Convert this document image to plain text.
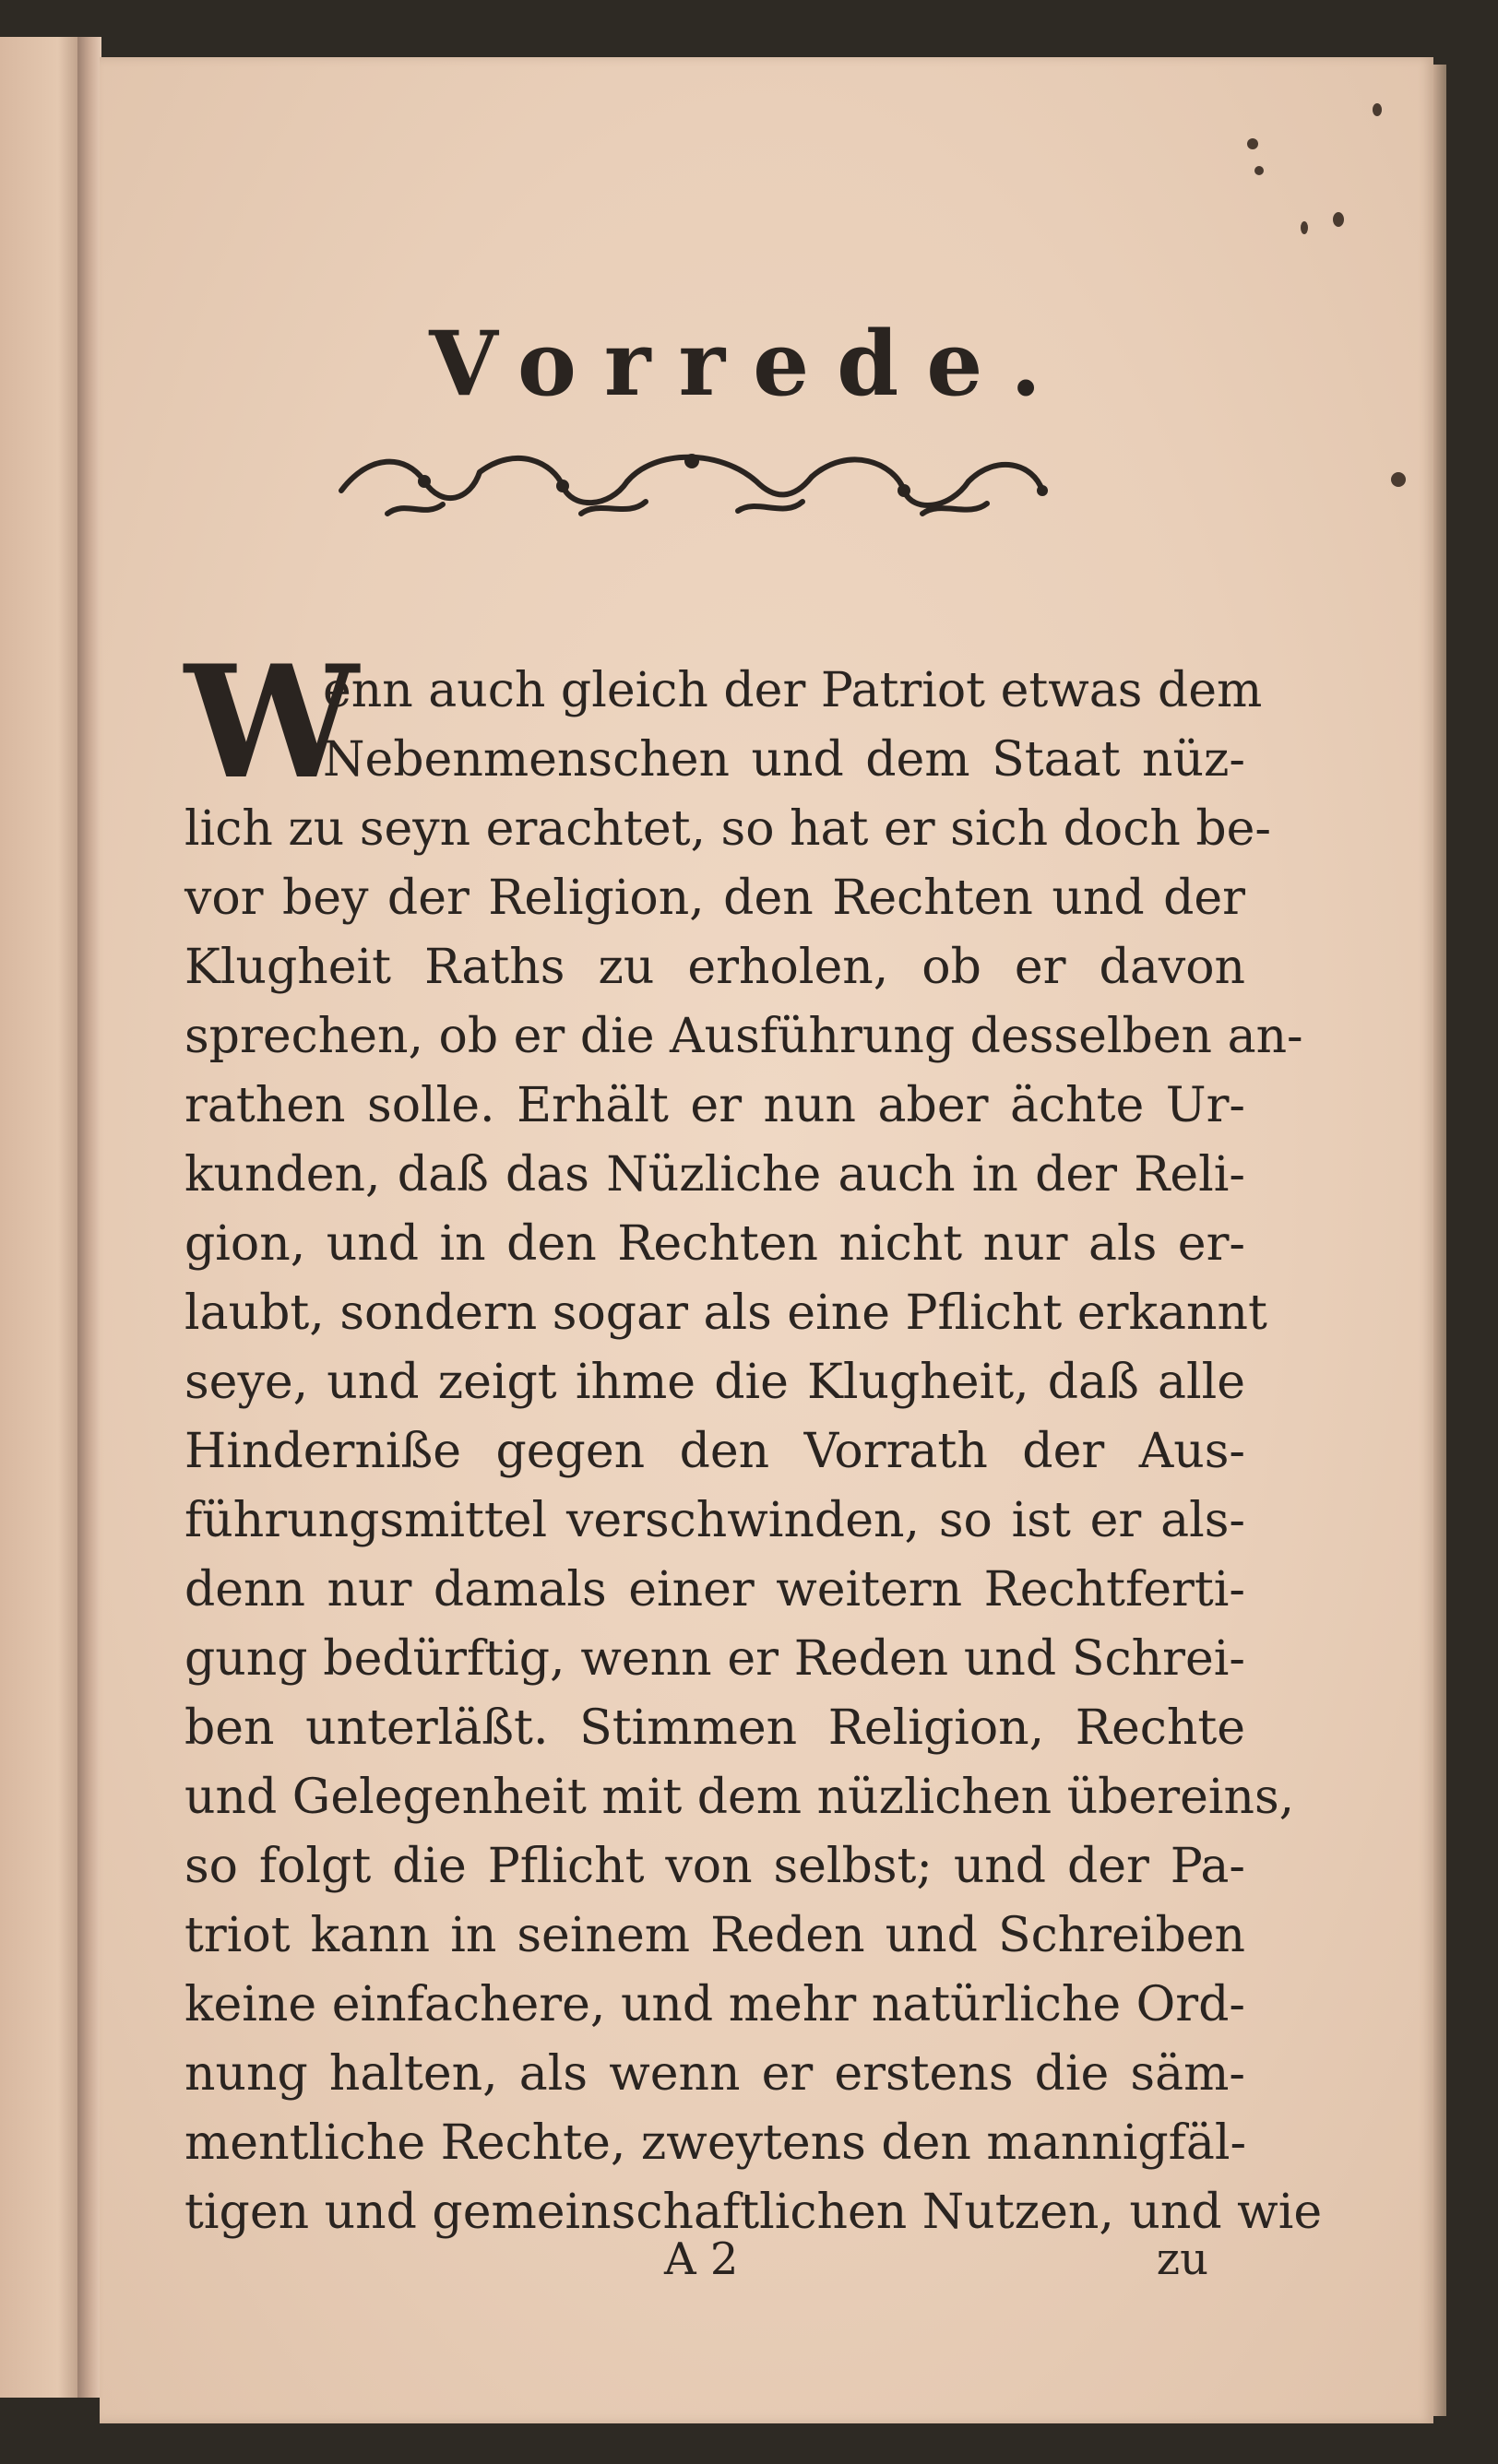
Vorrede.
W
enn auch gleich der Patriot etwas dem
Nebenmenschen und dem Staat nüz-
lich zu seyn erachtet, so hat er sich doch be-
vor bey der Religion, den Rechten und der
Klugheit Raths zu erholen, ob er davon
sprechen, ob er die Ausführung desselben an-
rathen solle. Erhält er nun aber ächte Ur-
kunden, daß das Nüzliche auch in der Reli-
gion, und in den Rechten nicht nur als er-
laubt, sondern sogar als eine Pflicht erkannt
seye, und zeigt ihme die Klugheit, daß alle
Hinderniße gegen den Vorrath der Aus-
führungsmittel verschwinden, so ist er als-
denn nur damals einer weitern Rechtferti-
gung bedürftig, wenn er Reden und Schrei-
ben unterläßt. Stimmen Religion, Rechte
und Gelegenheit mit dem nüzlichen übereins,
so folgt die Pflicht von selbst; und der Pa-
triot kann in seinem Reden und Schreiben
keine einfachere, und mehr natürliche Ord-
nung halten, als wenn er erstens die säm-
mentliche Rechte, zweytens den mannigfäl-
tigen und gemeinschaftlichen Nutzen, und wie
A 2	zu
